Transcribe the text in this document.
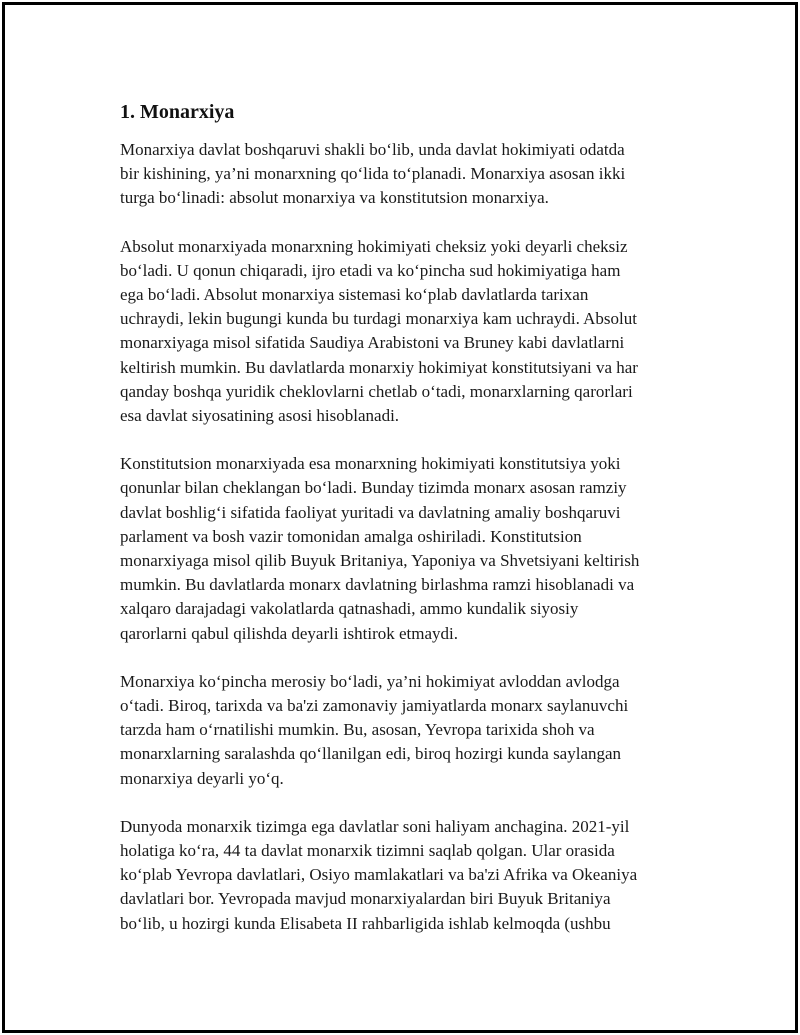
1. Monarxiya
Monarxiya davlat boshqaruvi shakli bo‘lib, unda davlat hokimiyati odatda
bir kishining, ya’ni monarxning qo‘lida to‘planadi. Monarxiya asosan ikki
turga bo‘linadi: absolut monarxiya va konstitutsion monarxiya.
Absolut monarxiyada monarxning hokimiyati cheksiz yoki deyarli cheksiz
bo‘ladi. U qonun chiqaradi, ijro etadi va ko‘pincha sud hokimiyatiga ham
ega bo‘ladi. Absolut monarxiya sistemasi ko‘plab davlatlarda tarixan
uchraydi, lekin bugungi kunda bu turdagi monarxiya kam uchraydi. Absolut
monarxiyaga misol sifatida Saudiya Arabistoni va Bruney kabi davlatlarni
keltirish mumkin. Bu davlatlarda monarxiy hokimiyat konstitutsiyani va har
qanday boshqa yuridik cheklovlarni chetlab o‘tadi, monarxlarning qarorlari
esa davlat siyosatining asosi hisoblanadi.
Konstitutsion monarxiyada esa monarxning hokimiyati konstitutsiya yoki
qonunlar bilan cheklangan bo‘ladi. Bunday tizimda monarx asosan ramziy
davlat boshlig‘i sifatida faoliyat yuritadi va davlatning amaliy boshqaruvi
parlament va bosh vazir tomonidan amalga oshiriladi. Konstitutsion
monarxiyaga misol qilib Buyuk Britaniya, Yaponiya va Shvetsiyani keltirish
mumkin. Bu davlatlarda monarx davlatning birlashma ramzi hisoblanadi va
xalqaro darajadagi vakolatlarda qatnashadi, ammo kundalik siyosiy
qarorlarni qabul qilishda deyarli ishtirok etmaydi.
Monarxiya ko‘pincha merosiy bo‘ladi, ya’ni hokimiyat avloddan avlodga
o‘tadi. Biroq, tarixda va ba'zi zamonaviy jamiyatlarda monarx saylanuvchi
tarzda ham o‘rnatilishi mumkin. Bu, asosan, Yevropa tarixida shoh va
monarxlarning saralashda qo‘llanilgan edi, biroq hozirgi kunda saylangan
monarxiya deyarli yo‘q.
Dunyoda monarxik tizimga ega davlatlar soni haliyam anchagina. 2021-yil
holatiga ko‘ra, 44 ta davlat monarxik tizimni saqlab qolgan. Ular orasida
ko‘plab Yevropa davlatlari, Osiyo mamlakatlari va ba'zi Afrika va Okeaniya
davlatlari bor. Yevropada mavjud monarxiyalardan biri Buyuk Britaniya
bo‘lib, u hozirgi kunda Elisabeta II rahbarligida ishlab kelmoqda (ushbu
